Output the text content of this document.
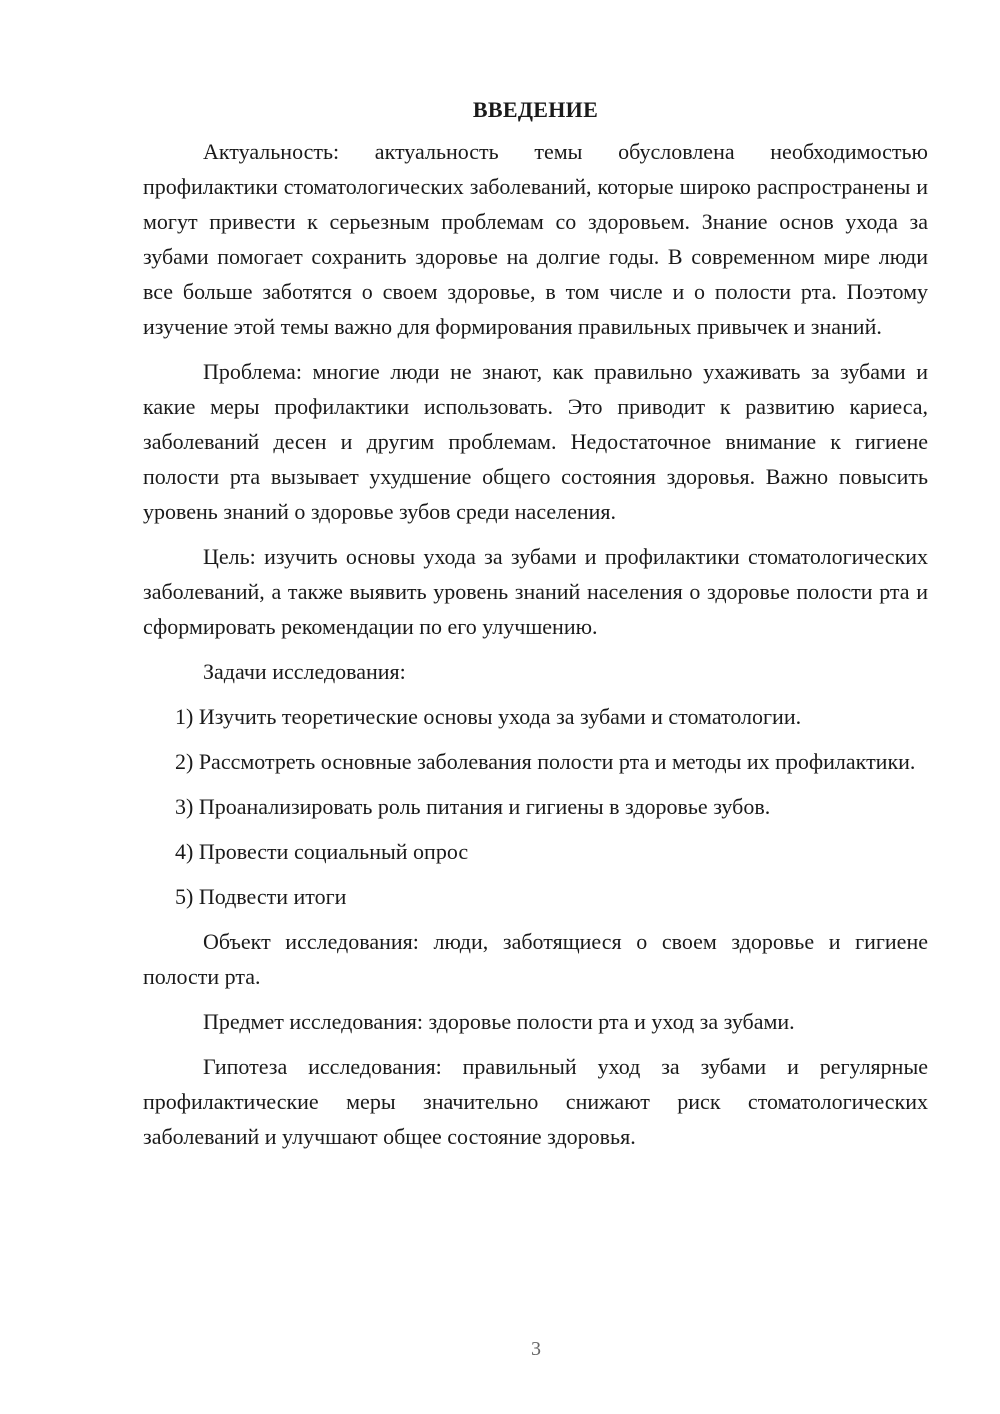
ВВЕДЕНИЕ

Актуальность: актуальность темы обусловлена необходимостью профилактики стоматологических заболеваний, которые широко распространены и могут привести к серьезным проблемам со здоровьем. Знание основ ухода за зубами помогает сохранить здоровье на долгие годы. В современном мире люди все больше заботятся о своем здоровье, в том числе и о полости рта. Поэтому изучение этой темы важно для формирования правильных привычек и знаний.

Проблема: многие люди не знают, как правильно ухаживать за зубами и какие меры профилактики использовать. Это приводит к развитию кариеса, заболеваний десен и другим проблемам. Недостаточное внимание к гигиене полости рта вызывает ухудшение общего состояния здоровья. Важно повысить уровень знаний о здоровье зубов среди населения.

Цель: изучить основы ухода за зубами и профилактики стоматологических заболеваний, а также выявить уровень знаний населения о здоровье полости рта и сформировать рекомендации по его улучшению.

Задачи исследования:

1) Изучить теоретические основы ухода за зубами и стоматологии.

2) Рассмотреть основные заболевания полости рта и методы их профилактики.

3) Проанализировать роль питания и гигиены в здоровье зубов.

4) Провести социальный опрос

5) Подвести итоги

Объект исследования: люди, заботящиеся о своем здоровье и гигиене полости рта.

Предмет исследования: здоровье полости рта и уход за зубами.

Гипотеза исследования: правильный уход за зубами и регулярные профилактические меры значительно снижают риск стоматологических заболеваний и улучшают общее состояние здоровья.

3
